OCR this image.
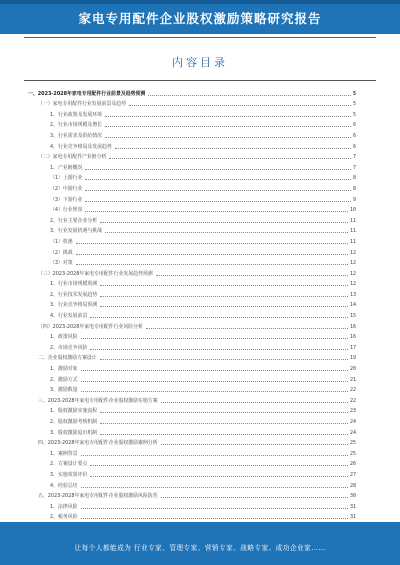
家电专用配件企业股权激励策略研究报告
内容目录
一、2023-2028年家电专用配件行业前景及趋势预测	5
（一）家电专用配件行业发展前景及趋势	5
1、行业政策及发展环境	5
2、行业市场规模及增长	6
3、行业需求及供给情况	6
4、行业竞争格局及发展趋势	6
（二）家电专用配件产业链分析	7
1、产业链概况	7
（1）上游行业	8
（2）中游行业	8
（3）下游行业	9
（4）行业壁垒	10
2、行业主要企业分析	11
3、行业发展机遇与挑战	11
（1）机遇	11
（2）挑战	12
（3）对策	12
（三）2023-2028年家电专用配件行业发展趋势预测	12
1、行业市场规模预测	12
2、行业技术发展趋势	13
3、行业竞争格局预测	14
4、行业发展前景	15
（四）2023-2028年家电专用配件行业风险分析	16
1、政策风险	16
2、市场竞争风险	17
二、企业股权激励方案设计	19
1、激励对象	20
2、激励方式	21
3、激励数量	22
三、2023-2028年家电专用配件企业股权激励实施方案	22
1、股权激励实施流程	23
2、股权激励考核机制	24
3、股权激励退出机制	24
四、2023-2028年家电专用配件企业股权激励案例分析	25
1、案例背景	25
2、方案设计要点	26
3、实施效果评价	27
4、经验总结	28
五、2023-2028年家电专用配件企业股权激励风险防范	30
1、法律风险	31
2、税务风险	31
让每个人都能成为 行业专家、管理专家、营销专家、战略专家、成功企业家……
